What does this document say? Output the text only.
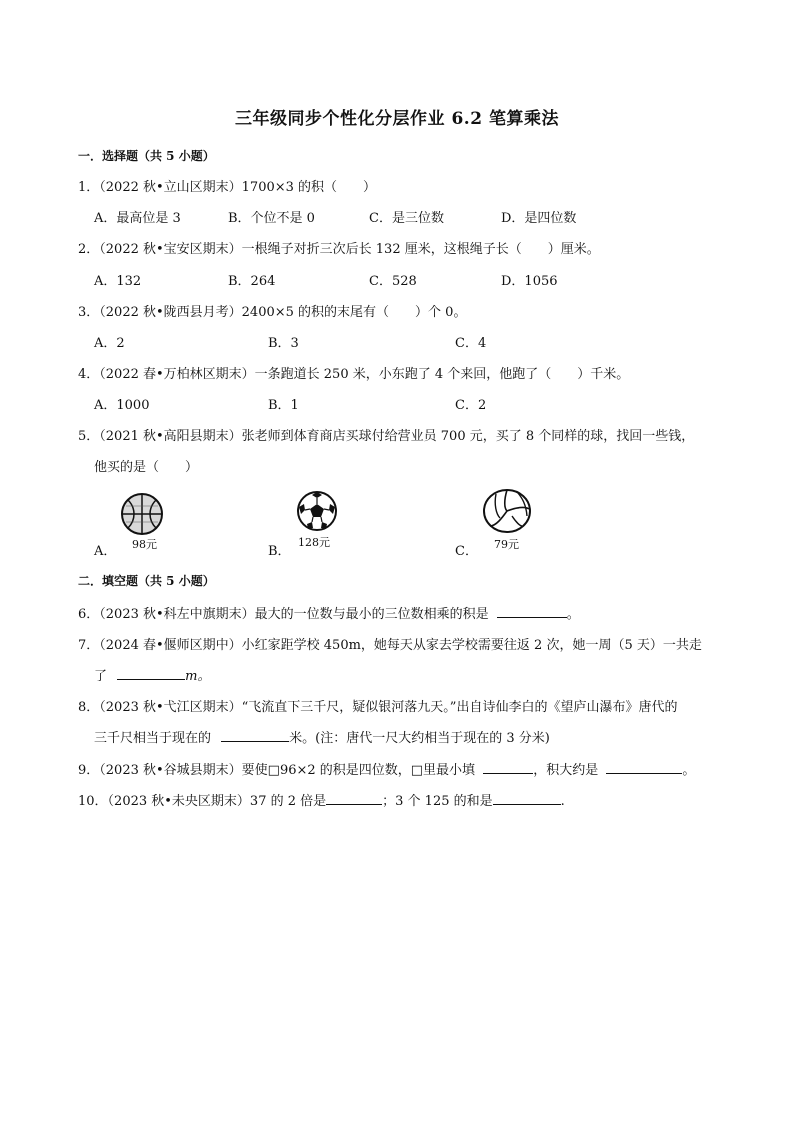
三年级同步个性化分层作业 6.2 笔算乘法
一．选择题（共 5 小题）
1．（2022 秋•立山区期末）1700×3 的积（　　）
A．最高位是 3	B．个位不是 0	C．是三位数	D．是四位数
2．（2022 秋•宝安区期末）一根绳子对折三次后长 132 厘米，这根绳子长（　　）厘米。
A．132	B．264	C．528	D．1056
3．（2022 秋•陇西县月考）2400×5 的积的末尾有（　　）个 0。
A．2	B．3	C．4
4．（2022 春•万柏林区期末）一条跑道长 250 米，小东跑了 4 个来回，他跑了（　　）千米。
A．1000	B．1	C．2
5．（2021 秋•高阳县期末）张老师到体育商店买球付给营业员 700 元，买了 8 个同样的球，找回一些钱，
他买的是（　　）
A． 98元	B．
128元
C． 79元
二．填空题（共 5 小题）
6．（2023 秋•科左中旗期末）最大的一位数与最小的三位数相乘的积是	。
7．（2024 春•偃师区期中）小红家距学校 450m，她每天从家去学校需要往返 2 次，她一周（5 天）一共走
了	m。
8．（2023 秋•弋江区期末）“飞流直下三千尺，疑似银河落九天。”出自诗仙李白的《望庐山瀑布》唐代的
三千尺相当于现在的	米。(注：唐代一尺大约相当于现在的 3 分米)
9．（2023 秋•谷城县期末）要使□96×2 的积是四位数，□里最小填	，积大约是	。
10．（2023 秋•未央区期末）37 的 2 倍是	；3 个 125 的和是	.
